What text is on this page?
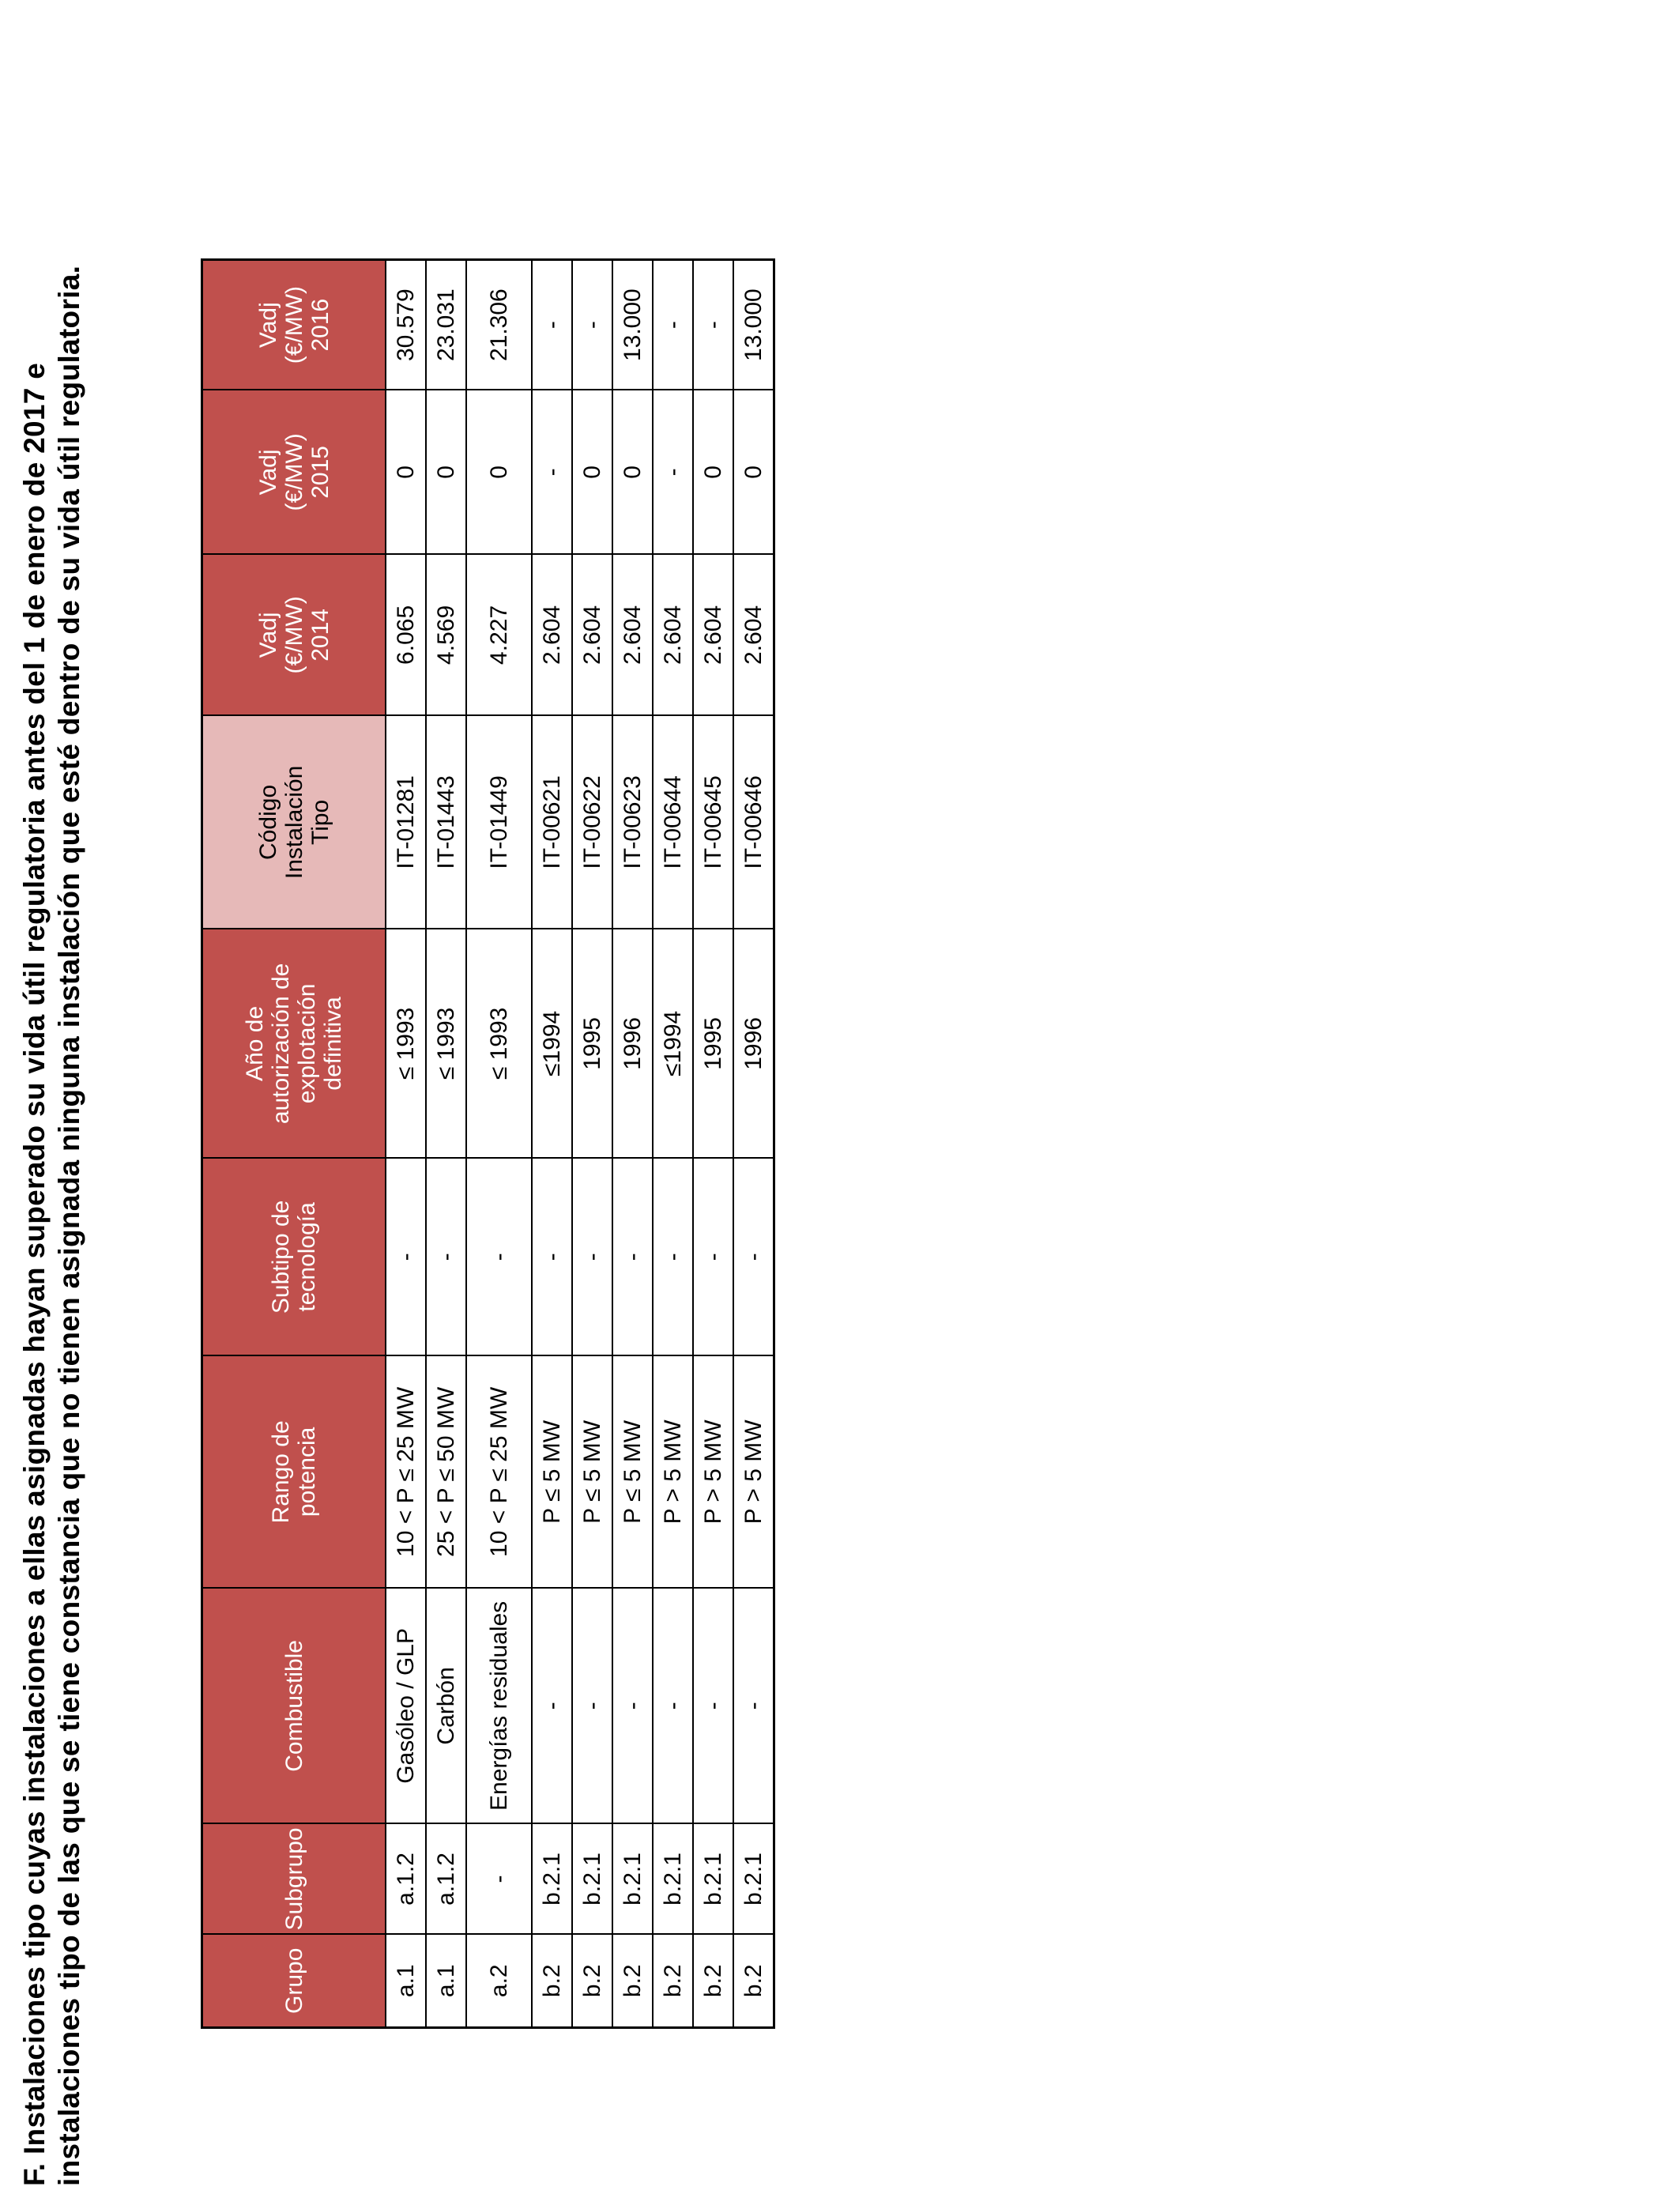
F. Instalaciones tipo cuyas instalaciones a ellas asignadas hayan superado su vida útil regulatoria antes del 1 de enero de 2017 e instalaciones tipo de las que se tiene constancia que no tienen asignada ninguna instalación que esté dentro de su vida útil regulatoria.	Grupo	Subgrupo	Combustible	Rango de potencia	Subtipo de tecnología	Año de autorización de explotación definitiva	Código Instalación Tipo	Vadj (€/MW) 2014	Vadj (€/MW) 2015	Vadj (€/MW) 2016

a.1	a.1.2	Gasóleo / GLP	10 < P ≤ 25 MW	-	≤ 1993	IT-01281	6.065	0	30.579
a.1	a.1.2	Carbón	25 < P ≤ 50 MW	-	≤ 1993	IT-01443	4.569	0	23.031
a.2	-	Energías residuales	10 < P ≤ 25 MW	-	≤ 1993	IT-01449	4.227	0	21.306
b.2	b.2.1	-	P ≤ 5 MW	-	≤1994	IT-00621	2.604	-	-
b.2	b.2.1	-	P ≤ 5 MW	-	1995	IT-00622	2.604	0	-
b.2	b.2.1	-	P ≤ 5 MW	-	1996	IT-00623	2.604	0	13.000
b.2	b.2.1	-	P > 5 MW	-	≤1994	IT-00644	2.604	-	-
b.2	b.2.1	-	P > 5 MW	-	1995	IT-00645	2.604	0	-
b.2	b.2.1	-	P > 5 MW	-	1996	IT-00646	2.604	0	13.000
